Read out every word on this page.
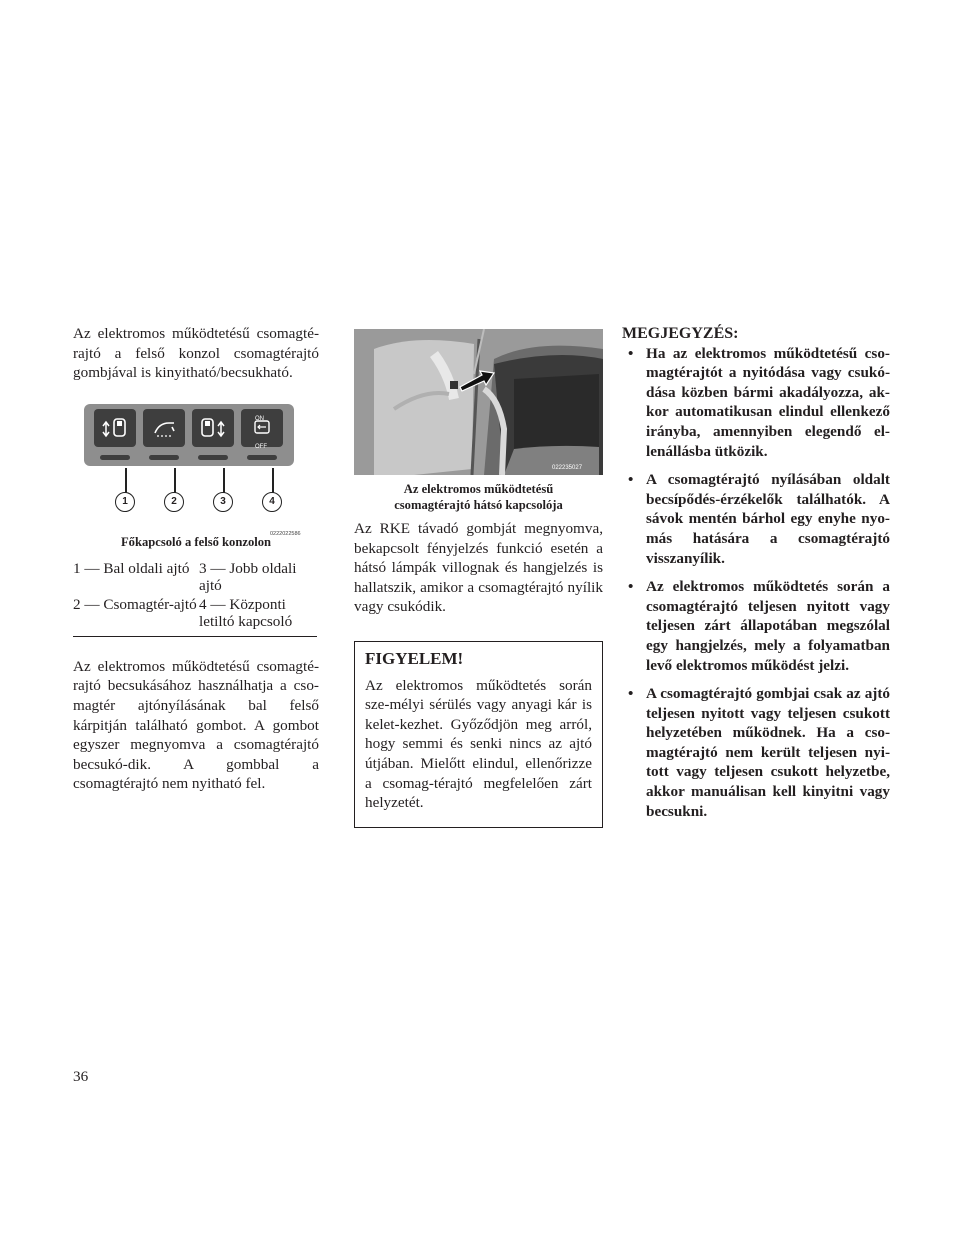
Az elektromos működtetésű csomagté-rajtó a felső konzol csomagtérajtó gombjával is kinyitható/becsukható.

ON
OFF
1	2	3	4
0222022586
Főkapcsoló a felső konzolon
1 — Bal oldali ajtó	3 — Jobb oldali ajtó
2 — Csomagtér-ajtó	4 — Központi letiltó kapcsoló

Az elektromos működtetésű csomagté-rajtó becsukásához használhatja a cso-magtér ajtónyílásának bal felső kárpitján található gombot. A gombot egyszer megnyomva a csomagtérajtó becsukó-dik. A gombbal a csomagtérajtó nem nyitható fel.

022235027
Az elektromos működtetésű
csomagtérajtó hátsó kapcsolója

Az RKE távadó gombját megnyomva, bekapcsolt fényjelzés funkció esetén a hátsó lámpák villognak és hangjelzés is hallatszik, amikor a csomagtérajtó nyílik vagy csukódik.

FIGYELEM!

Az elektromos működtetés során sze-mélyi sérülés vagy anyagi kár is kelet-kezhet. Győződjön meg arról, hogy semmi és senki nincs az ajtó útjában. Mielőtt elindul, ellenőrizze a csomag-térajtó megfelelően zárt helyzetét.

MEGJEGYZÉS:

• Ha az elektromos működtetésű cso-magtérajtót a nyitódása vagy csukó-dása közben bármi akadályozza, ak-kor automatikusan elindul ellenkező irányba, amennyiben elegendő el-lenállásba ütközik.
• A csomagtérajtó nyílásában oldalt becsípődés-érzékelők találhatók. A sávok mentén bárhol egy enyhe nyo-más hatására a csomagtérajtó visszanyílik.
• Az elektromos működtetés során a csomagtérajtó teljesen nyitott vagy teljesen zárt állapotában megszólal egy hangjelzés, mely a folyamatban levő elektromos működést jelzi.
• A csomagtérajtó gombjai csak az ajtó teljesen nyitott vagy teljesen csukott helyzetében működnek. Ha a cso-magtérajtó nem került teljesen nyi-tott vagy teljesen csukott helyzetbe, akkor manuálisan kell kinyitni vagy becsukni.
36
